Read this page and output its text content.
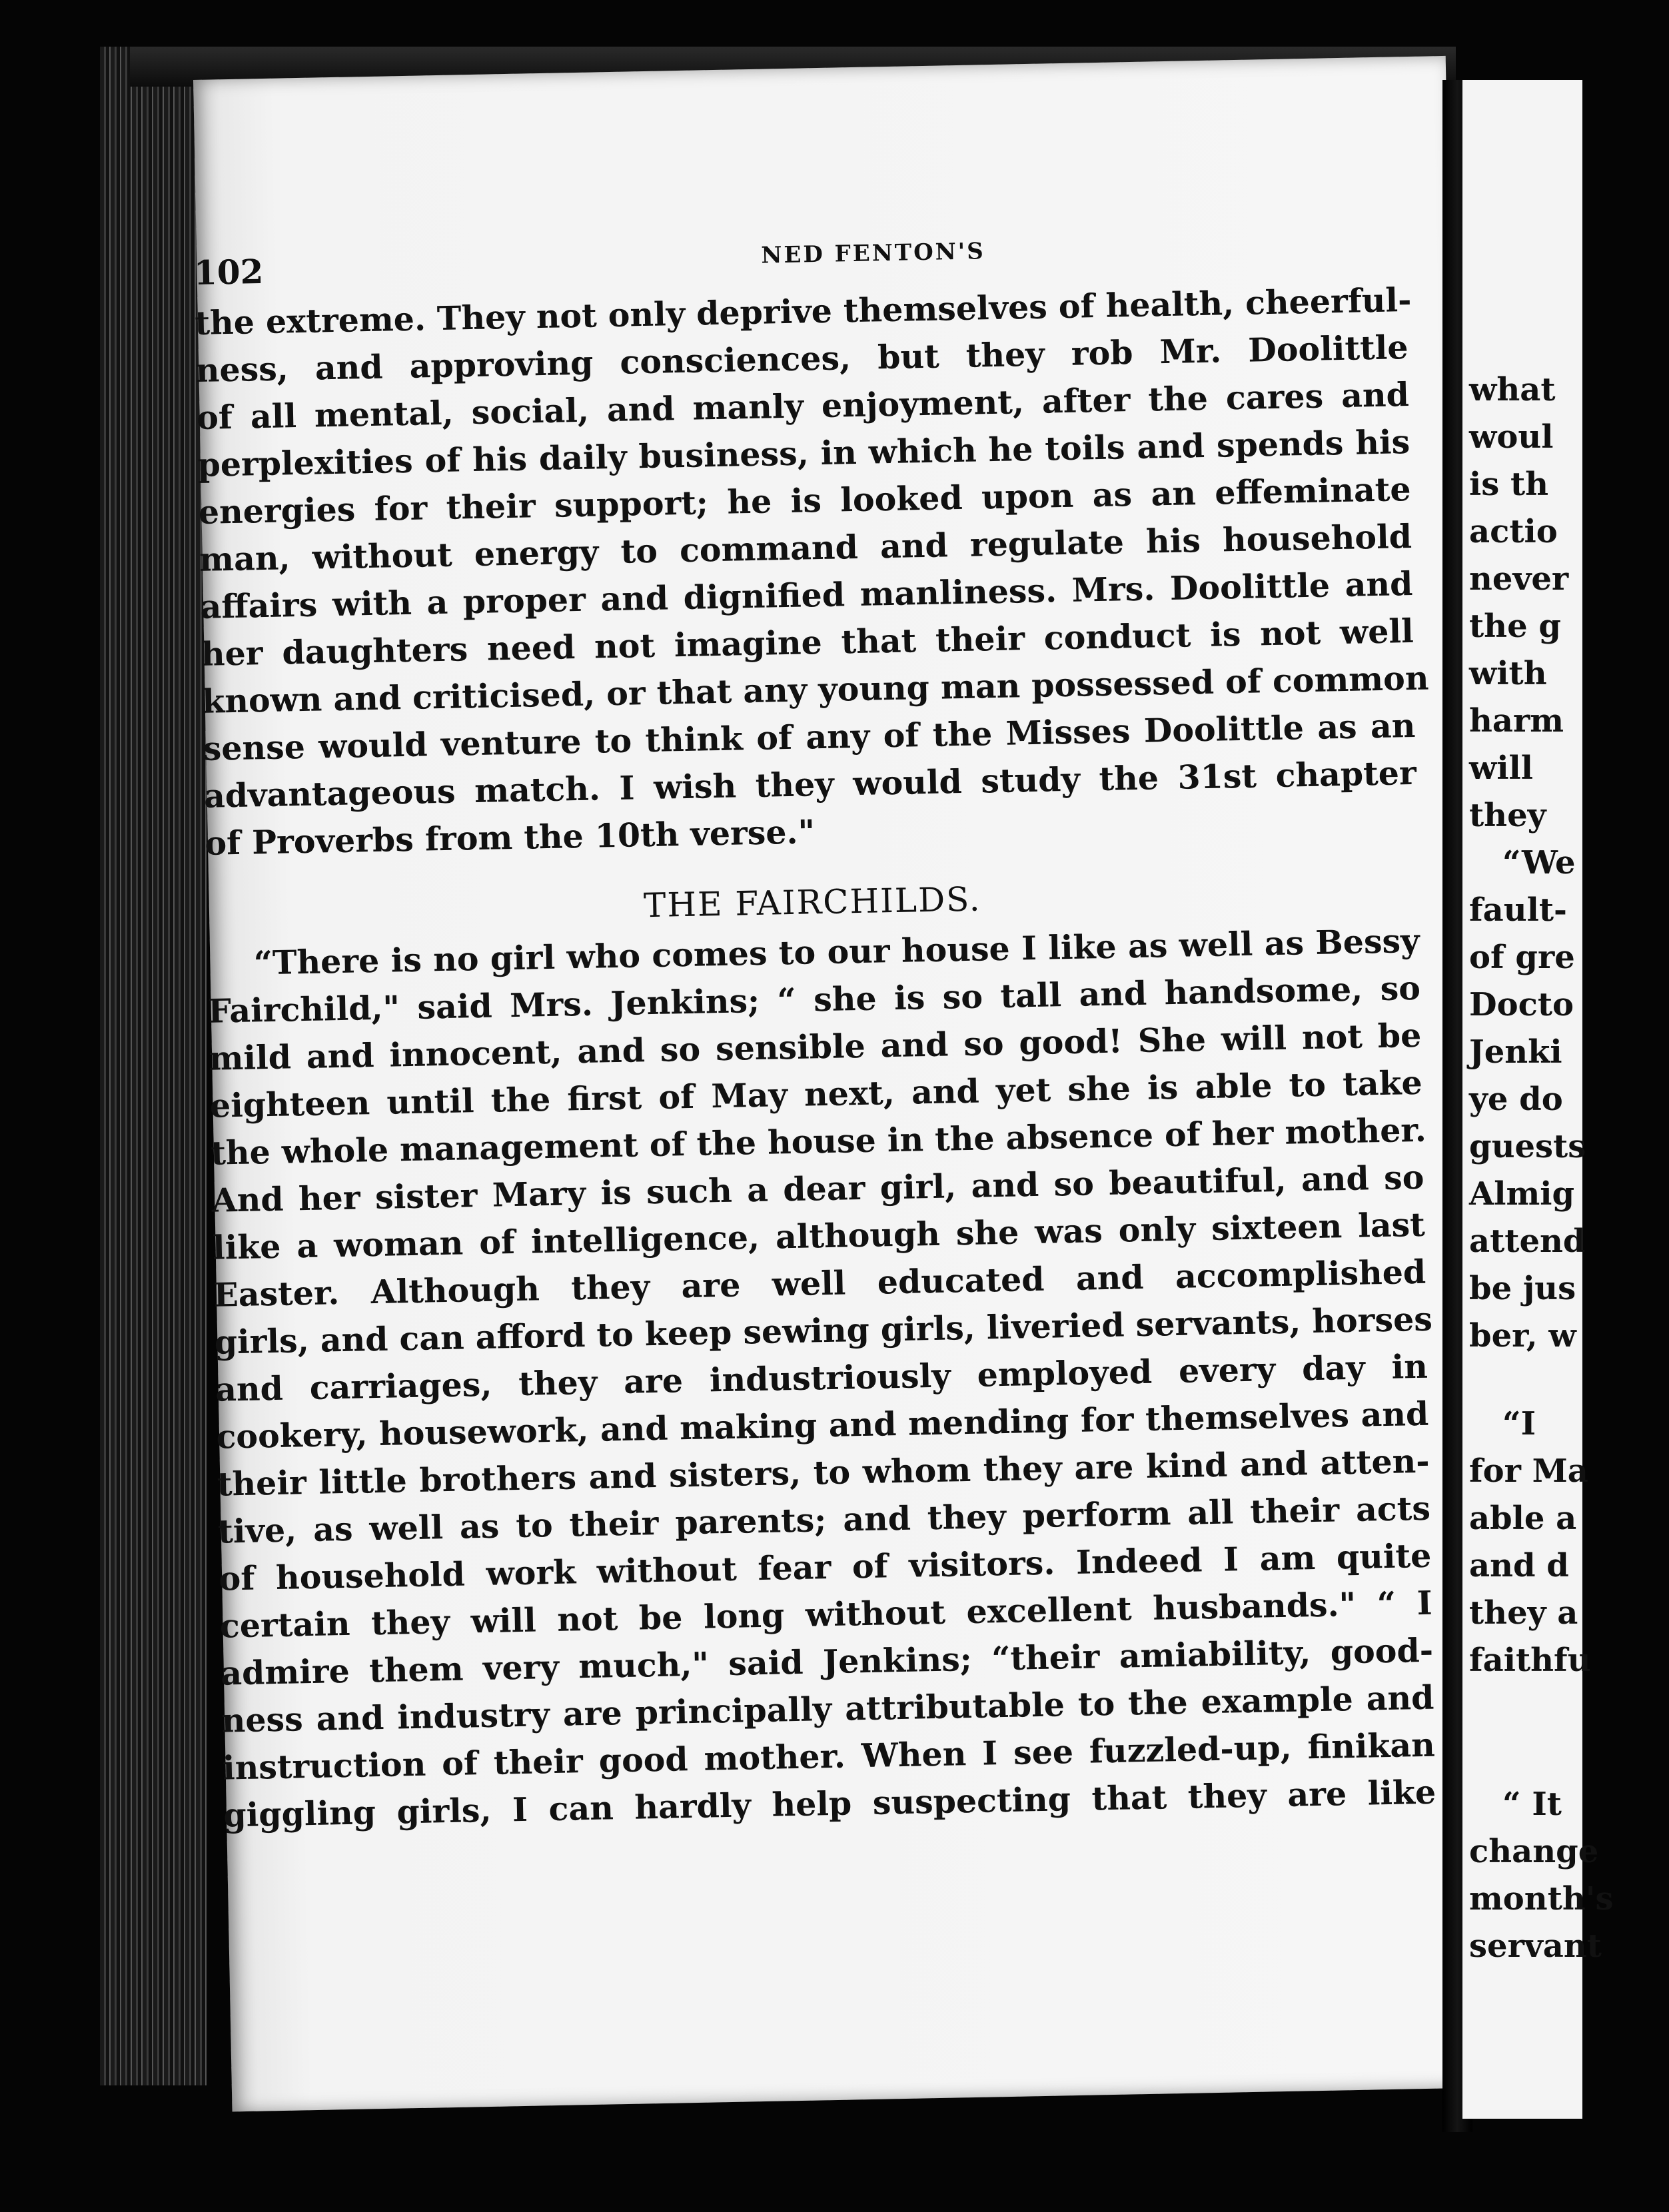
what
woul
is th
actio
never
the g
with
harm
will
they
“We
fault-
of gre
Docto
Jenki
ye do
guests
Almig
attend
be jus
ber, w
“I
for Ma
able a
and d
they a
faithfu
“ It
change
month's
servant
102	NED FENTON'S
the extreme. They not only deprive themselves of health, cheerful-
ness, and approving consciences, but they rob Mr. Doolittle
of all mental, social, and manly enjoyment, after the cares and
perplexities of his daily business, in which he toils and spends his
energies for their support; he is looked upon as an effeminate
man, without energy to command and regulate his household
affairs with a proper and dignified manliness. Mrs. Doolittle and
her daughters need not imagine that their conduct is not well
known and criticised, or that any young man possessed of common
sense would venture to think of any of the Misses Doolittle as an
advantageous match. I wish they would study the 31st chapter
of Proverbs from the 10th verse."
THE FAIRCHILDS.
“There is no girl who comes to our house I like as well as Bessy
Fairchild," said Mrs. Jenkins; “ she is so tall and handsome, so
mild and innocent, and so sensible and so good! She will not be
eighteen until the first of May next, and yet she is able to take
the whole management of the house in the absence of her mother.
And her sister Mary is such a dear girl, and so beautiful, and so
like a woman of intelligence, although she was only sixteen last
Easter. Although they are well educated and accomplished
girls, and can afford to keep sewing girls, liveried servants, horses
and carriages, they are industriously employed every day in
cookery, housework, and making and mending for themselves and
their little brothers and sisters, to whom they are kind and atten-
tive, as well as to their parents; and they perform all their acts
of household work without fear of visitors. Indeed I am quite
certain they will not be long without excellent husbands." “ I
admire them very much," said Jenkins; “their amiability, good-
ness and industry are principally attributable to the example and
instruction of their good mother. When I see fuzzled-up, finikan
giggling girls, I can hardly help suspecting that they are like
